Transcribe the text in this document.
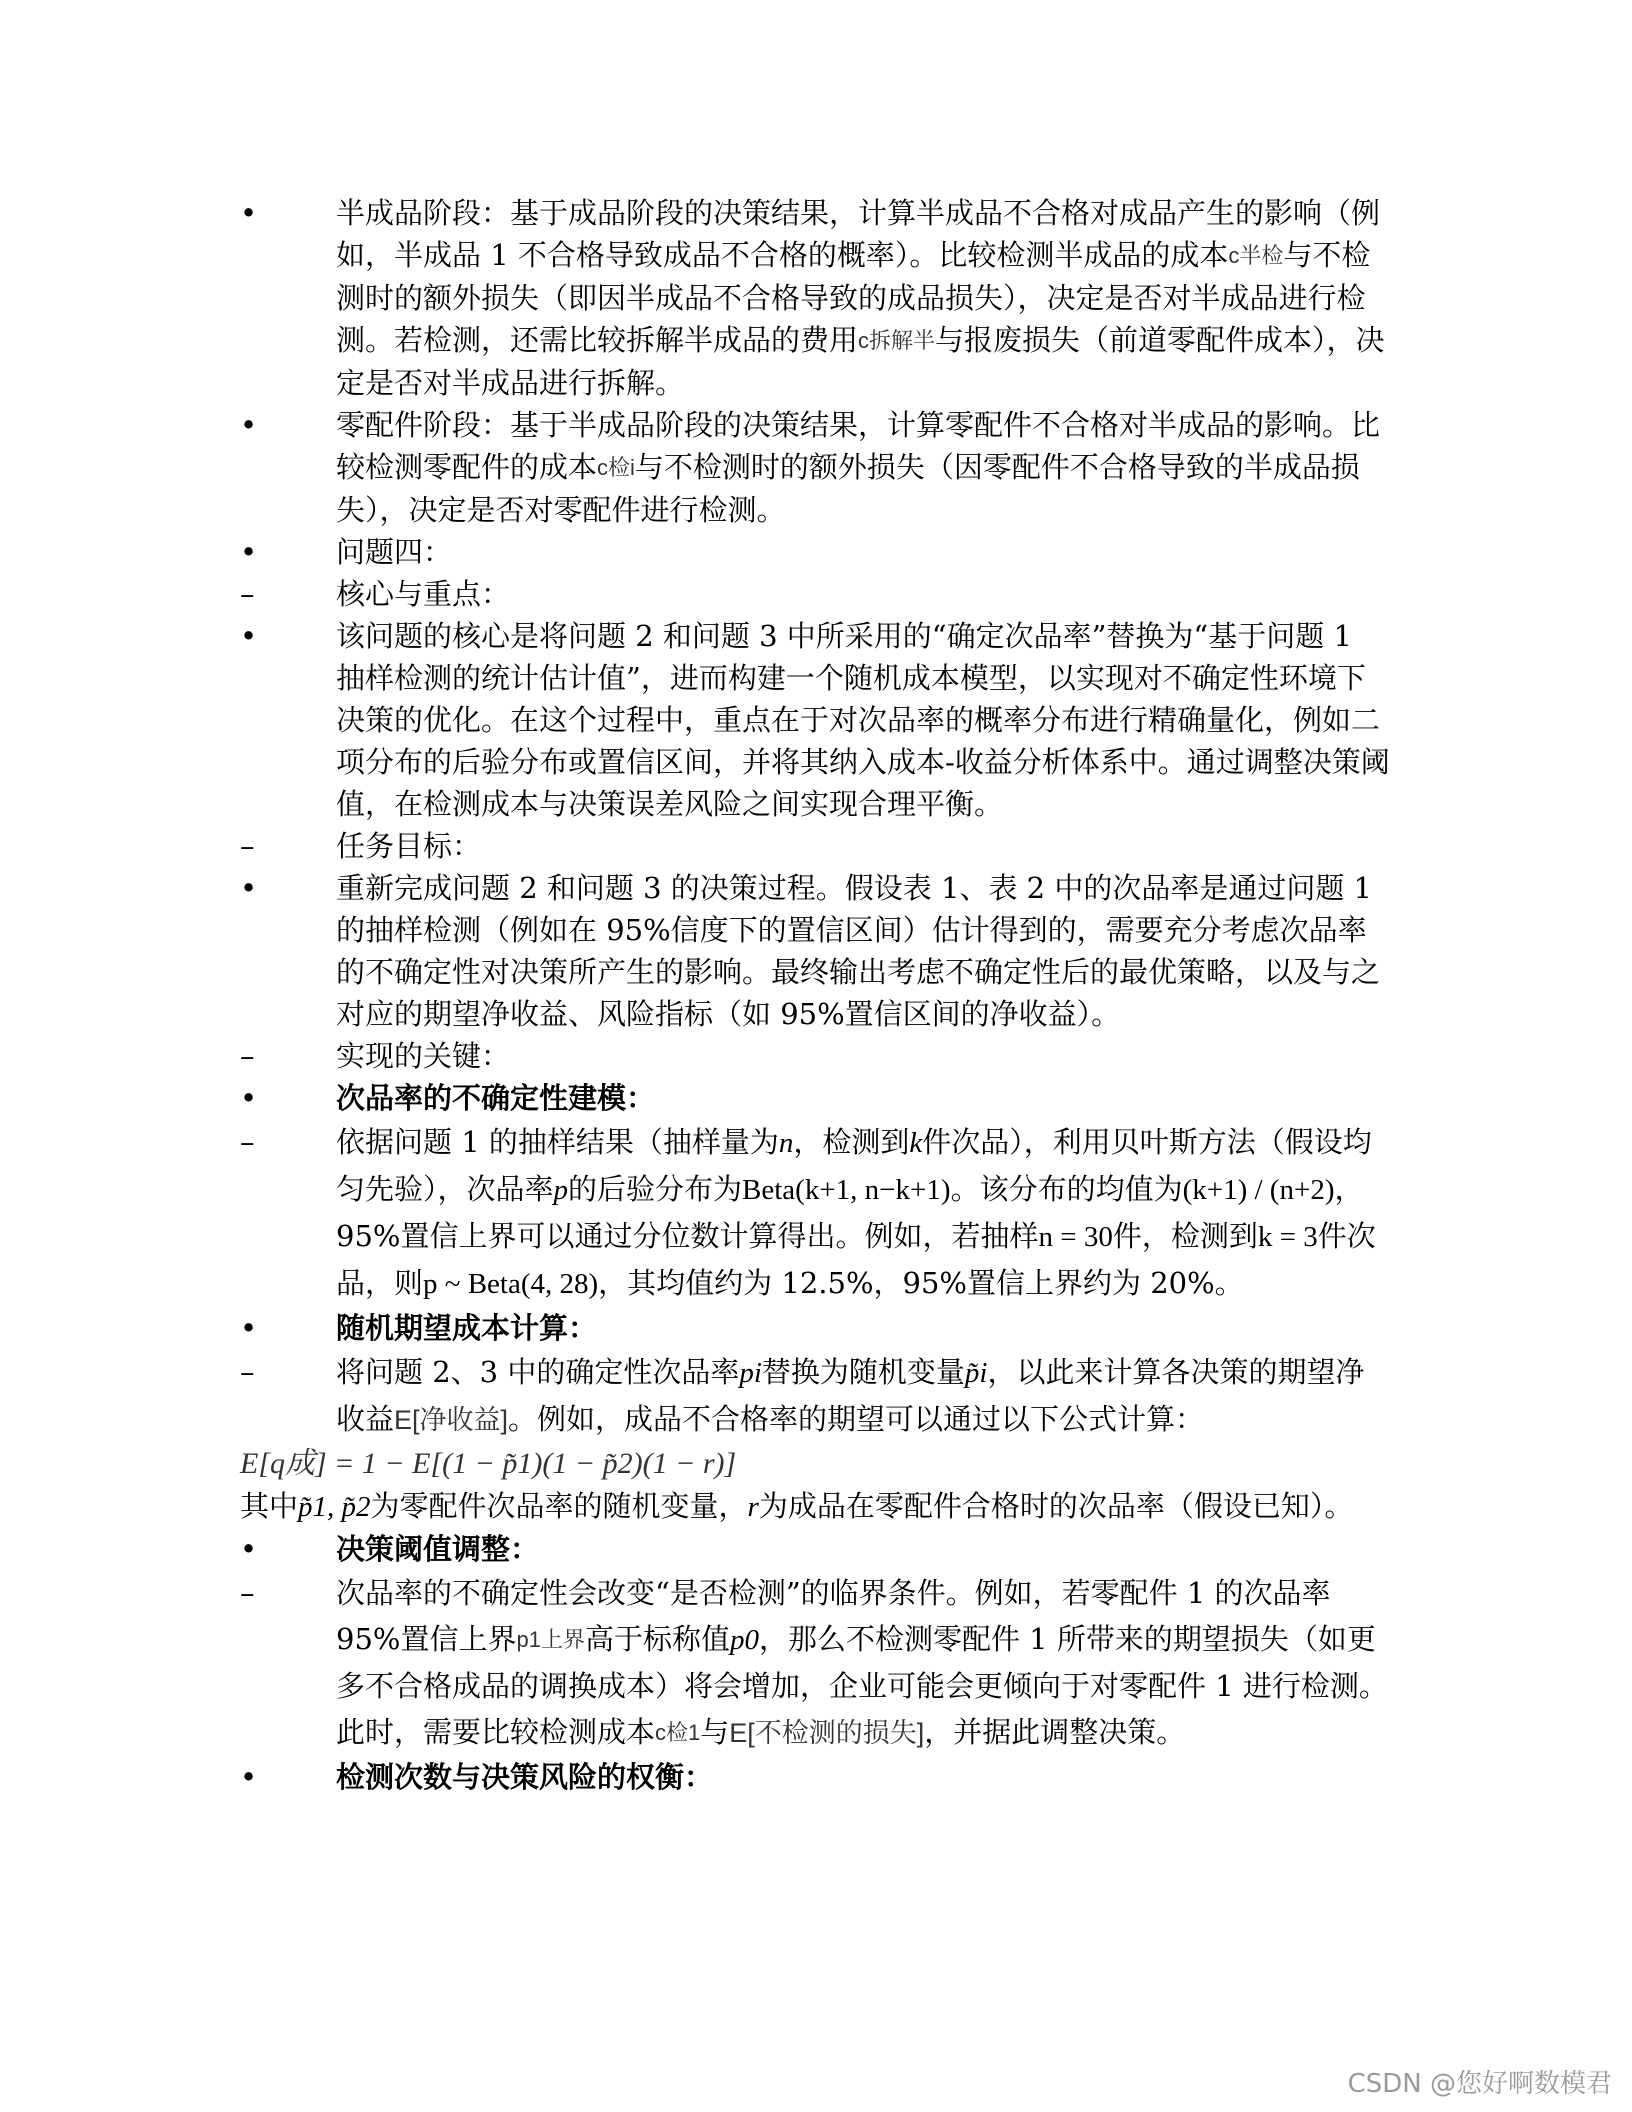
•	半成品阶段：基于成品阶段的决策结果，计算半成品不合格对成品产生的影响（例如，半成品 1 不合格导致成品不合格的概率）。比较检测半成品的成本c半检与不检测时的额外损失（即因半成品不合格导致的成品损失），决定是否对半成品进行检测。若检测，还需比较拆解半成品的费用c拆解半与报废损失（前道零配件成本），决定是否对半成品进行拆解。
•	零配件阶段：基于半成品阶段的决策结果，计算零配件不合格对半成品的影响。比较检测零配件的成本c检i与不检测时的额外损失（因零配件不合格导致的半成品损失），决定是否对零配件进行检测。
•	问题四：
–	核心与重点：
•	该问题的核心是将问题 2 和问题 3 中所采用的“确定次品率”替换为“基于问题 1 抽样检测的统计估计值”，进而构建一个随机成本模型，以实现对不确定性环境下决策的优化。在这个过程中，重点在于对次品率的概率分布进行精确量化，例如二项分布的后验分布或置信区间，并将其纳入成本-收益分析体系中。通过调整决策阈值，在检测成本与决策误差风险之间实现合理平衡。
–	任务目标：
•	重新完成问题 2 和问题 3 的决策过程。假设表 1、表 2 中的次品率是通过问题 1 的抽样检测（例如在 95%信度下的置信区间）估计得到的，需要充分考虑次品率的不确定性对决策所产生的影响。最终输出考虑不确定性后的最优策略，以及与之对应的期望净收益、风险指标（如 95%置信区间的净收益）。
–	实现的关键：
•	次品率的不确定性建模：
–	依据问题 1 的抽样结果（抽样量为n，检测到k件次品），利用贝叶斯方法（假设均匀先验），次品率p的后验分布为Beta(k+1, n−k+1)。该分布的均值为(k+1) / (n+2)，95%置信上界可以通过分位数计算得出。例如，若抽样n = 30件，检测到k = 3件次品，则p ~ Beta(4, 28)，其均值约为 12.5%，95%置信上界约为 20%。
•	随机期望成本计算：
–	将问题 2、3 中的确定性次品率pi替换为随机变量p̃i，以此来计算各决策的期望净收益E[净收益]。例如，成品不合格率的期望可以通过以下公式计算：
E[q成] = 1 − E[(1 − p̃1)(1 − p̃2)(1 − r)]
其中p̃1, p̃2为零配件次品率的随机变量，r为成品在零配件合格时的次品率（假设已知）。
•	决策阈值调整：
–	次品率的不确定性会改变“是否检测”的临界条件。例如，若零配件 1 的次品率 95%置信上界p1上界高于标称值p0，那么不检测零配件 1 所带来的期望损失（如更多不合格成品的调换成本）将会增加，企业可能会更倾向于对零配件 1 进行检测。此时，需要比较检测成本c检1与E[不检测的损失]，并据此调整决策。
•	检测次数与决策风险的权衡：
CSDN @您好啊数模君
